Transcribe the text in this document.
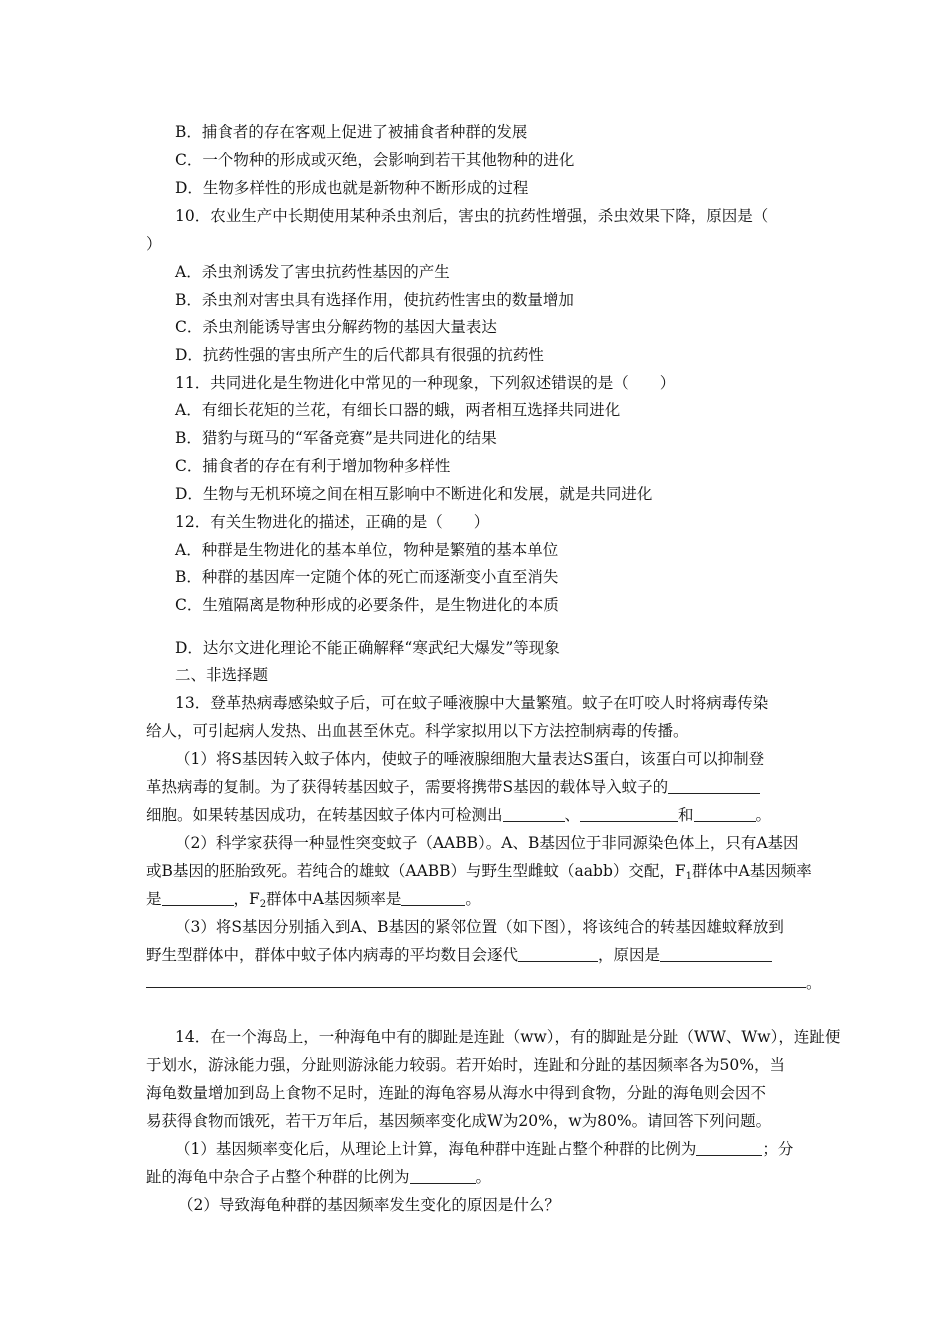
B．捕食者的存在客观上促进了被捕食者种群的发展
C．一个物种的形成或灭绝，会影响到若干其他物种的进化
D．生物多样性的形成也就是新物种不断形成的过程
10．农业生产中长期使用某种杀虫剂后，害虫的抗药性增强，杀虫效果下降，原因是（
）
A．杀虫剂诱发了害虫抗药性基因的产生
B．杀虫剂对害虫具有选择作用，使抗药性害虫的数量增加
C．杀虫剂能诱导害虫分解药物的基因大量表达
D．抗药性强的害虫所产生的后代都具有很强的抗药性
11．共同进化是生物进化中常见的一种现象，下列叙述错误的是（　　）
A．有细长花矩的兰花，有细长口器的蛾，两者相互选择共同进化
B．猎豹与斑马的“军备竞赛”是共同进化的结果
C．捕食者的存在有利于增加物种多样性
D．生物与无机环境之间在相互影响中不断进化和发展，就是共同进化
12．有关生物进化的描述，正确的是（　　）
A．种群是生物进化的基本单位，物种是繁殖的基本单位
B．种群的基因库一定随个体的死亡而逐渐变小直至消失
C．生殖隔离是物种形成的必要条件，是生物进化的本质
D．达尔文进化理论不能正确解释“寒武纪大爆发”等现象
二、非选择题
13．登革热病毒感染蚊子后，可在蚊子唾液腺中大量繁殖。蚊子在叮咬人时将病毒传染
给人，可引起病人发热、出血甚至休克。科学家拟用以下方法控制病毒的传播。
（1）将S基因转入蚊子体内，使蚊子的唾液腺细胞大量表达S蛋白，该蛋白可以抑制登
革热病毒的复制。为了获得转基因蚊子，需要将携带S基因的载体导入蚊子的
细胞。如果转基因成功，在转基因蚊子体内可检测出	、	和	。
（2）科学家获得一种显性突变蚊子（AABB）。A、B基因位于非同源染色体上，只有A基因
或B基因的胚胎致死。若纯合的雄蚊（AABB）与野生型雌蚊（aabb）交配，$F_1$群体中A基因频率
是	，$F_2$群体中A基因频率是	。
（3）将S基因分别插入到A、B基因的紧邻位置（如下图），将该纯合的转基因雄蚊释放到
野生型群体中，群体中蚊子体内病毒的平均数目会逐代	，原因是
。
14．在一个海岛上，一种海龟中有的脚趾是连趾（ww），有的脚趾是分趾（WW、Ww），连趾便
于划水，游泳能力强，分趾则游泳能力较弱。若开始时，连趾和分趾的基因频率各为50%，当
海龟数量增加到岛上食物不足时，连趾的海龟容易从海水中得到食物，分趾的海龟则会因不
易获得食物而饿死，若干万年后，基因频率变化成W为20%，w为80%。请回答下列问题。
（1）基因频率变化后，从理论上计算，海龟种群中连趾占整个种群的比例为	；分
趾的海龟中杂合子占整个种群的比例为	。
（2）导致海龟种群的基因频率发生变化的原因是什么？
